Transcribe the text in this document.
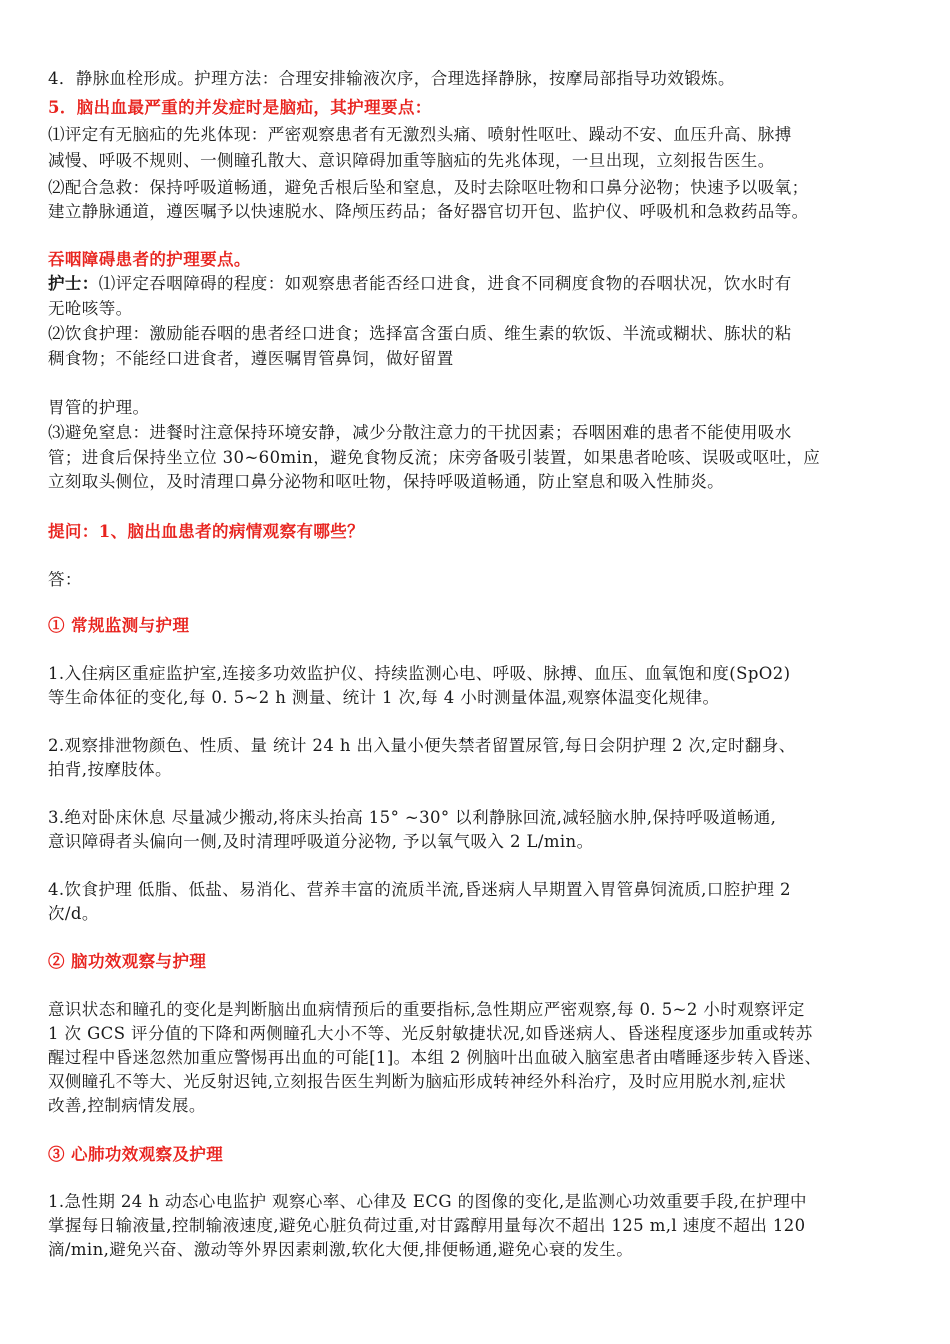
4．静脉血栓形成。护理方法：合理安排输液次序，合理选择静脉，按摩局部指导功效锻炼。
5．脑出血最严重的并发症时是脑疝，其护理要点：
⑴评定有无脑疝的先兆体现：严密观察患者有无激烈头痛、喷射性呕吐、躁动不安、血压升高、脉搏
减慢、呼吸不规则、一侧瞳孔散大、意识障碍加重等脑疝的先兆体现，一旦出现，立刻报告医生。
⑵配合急救：保持呼吸道畅通，避免舌根后坠和窒息，及时去除呕吐物和口鼻分泌物；快速予以吸氧；
建立静脉通道，遵医嘱予以快速脱水、降颅压药品；备好器官切开包、监护仪、呼吸机和急救药品等。
吞咽障碍患者的护理要点。
护士：⑴评定吞咽障碍的程度：如观察患者能否经口进食，进食不同稠度食物的吞咽状况，饮水时有
无呛咳等。
⑵饮食护理：激励能吞咽的患者经口进食；选择富含蛋白质、维生素的软饭、半流或糊状、胨状的粘
稠食物；不能经口进食者，遵医嘱胃管鼻饲，做好留置
胃管的护理。
⑶避免窒息：进餐时注意保持环境安静，减少分散注意力的干扰因素；吞咽困难的患者不能使用吸水
管；进食后保持坐立位 30~60min，避免食物反流；床旁备吸引装置，如果患者呛咳、误吸或呕吐，应
立刻取头侧位，及时清理口鼻分泌物和呕吐物，保持呼吸道畅通，防止窒息和吸入性肺炎。
提问：1、脑出血患者的病情观察有哪些？
答：
① 常规监测与护理
1.入住病区重症监护室,连接多功效监护仪、持续监测心电、呼吸、脉搏、血压、血氧饱和度(SpO2)
等生命体征的变化,每 0. 5~2 h 测量、统计 1 次,每 4 小时测量体温,观察体温变化规律。
2.观察排泄物颜色、性质、量 统计 24 h 出入量小便失禁者留置尿管,每日会阴护理 2 次,定时翻身、
拍背,按摩肢体。
3.绝对卧床休息 尽量减少搬动,将床头抬高 15° ~30° 以利静脉回流,减轻脑水肿,保持呼吸道畅通,
意识障碍者头偏向一侧,及时清理呼吸道分泌物, 予以氧气吸入 2 L/min。
4.饮食护理 低脂、低盐、易消化、营养丰富的流质半流,昏迷病人早期置入胃管鼻饲流质,口腔护理 2
次/d。
② 脑功效观察与护理
意识状态和瞳孔的变化是判断脑出血病情预后的重要指标,急性期应严密观察,每 0. 5~2 小时观察评定
1 次 GCS 评分值的下降和两侧瞳孔大小不等、光反射敏捷状况,如昏迷病人、昏迷程度逐步加重或转苏
醒过程中昏迷忽然加重应警惕再出血的可能[1]。本组 2 例脑叶出血破入脑室患者由嗜睡逐步转入昏迷、
双侧瞳孔不等大、光反射迟钝,立刻报告医生判断为脑疝形成转神经外科治疗，及时应用脱水剂,症状
改善,控制病情发展。
③ 心肺功效观察及护理
1.急性期 24 h 动态心电监护 观察心率、心律及 ECG 的图像的变化,是监测心功效重要手段,在护理中
掌握每日输液量,控制输液速度,避免心脏负荷过重,对甘露醇用量每次不超出 125 m,l 速度不超出 120
滴/min,避免兴奋、激动等外界因素刺激,软化大便,排便畅通,避免心衰的发生。
